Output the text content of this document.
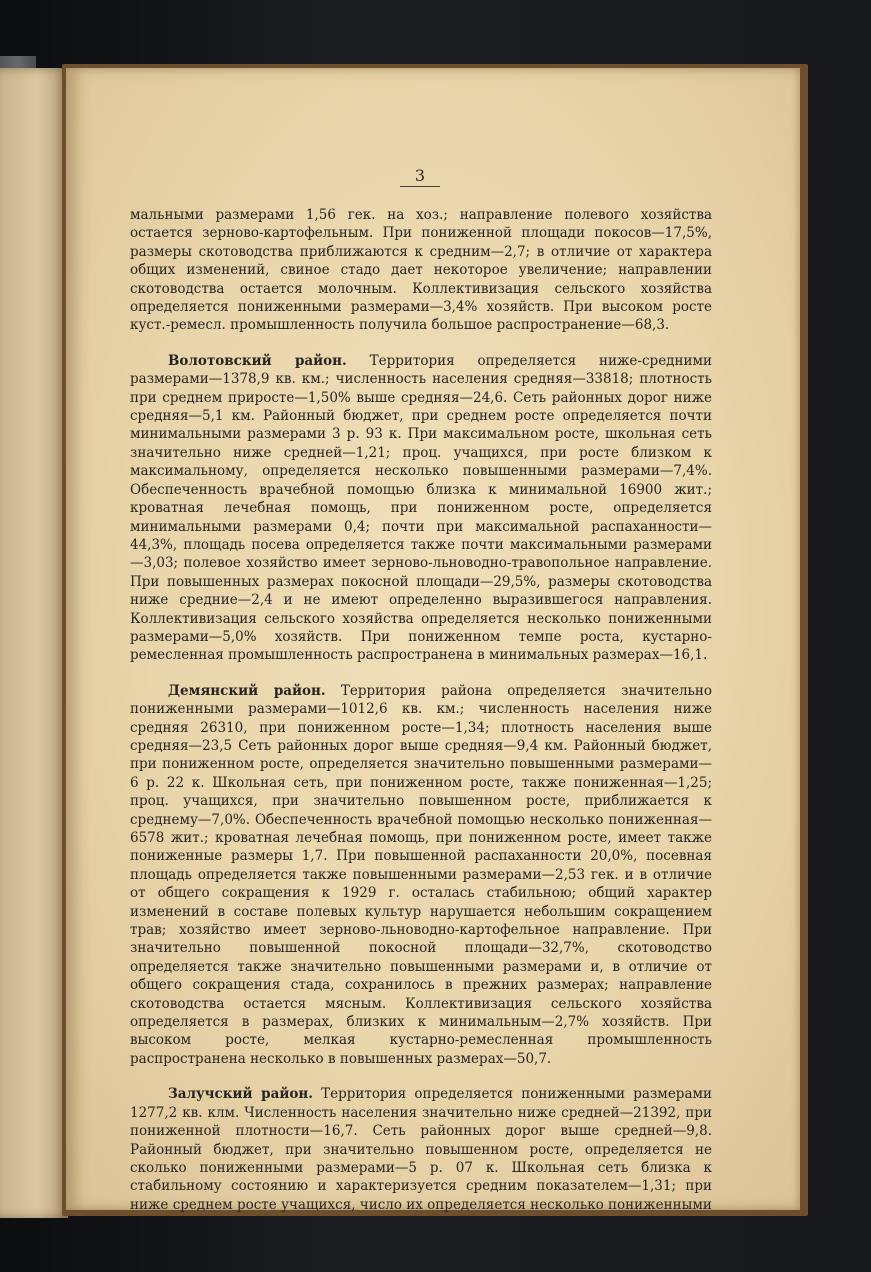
3

мальными размерами 1,56 гек. на хоз.; направление полевого хозяйства остается зерново-картофельным. При пониженной площади покосов—17,5%, размеры скотоводства приближаются к средним—2,7; в отличие от характера общих изменений, свиное стадо дает некоторое увеличение; направлении скотоводства остается молочным. Коллективизация сельского хозяйства определяется пониженными размерами—3,4% хозяйств. При высоком росте куст.-ремесл. промышленность получила большое распространение—68,3.

Волотовский район. Территория определяется ниже-средними размерами—1378,9 кв. км.; численность населения средняя—33818; плотность при среднем приросте—1,50% выше средняя—24,6. Сеть районных дорог ниже средняя—5,1 км. Районный бюджет, при среднем росте определяется почти минимальными размерами 3 р. 93 к. При максимальном росте, школьная сеть значительно ниже средней—1,21; проц. учащихся, при росте близком к максимальному, определяется несколько повышенными размерами—7,4%. Обеспеченность врачебной помощью близка к минимальной 16900 жит.; кроватная лечебная помощь, при пониженном росте, определяется минимальными размерами 0,4; почти при максимальной распаханности—44,3%, площадь посева определяется также почти максимальными размерами—3,03; полевое хозяйство имеет зерново-льноводно-травопольное направление. При повышенных размерах покосной площади—29,5%, размеры скотоводства ниже средние—2,4 и не имеют определенно выразившегося направления. Коллективизация сельского хозяйства определяется несколько пониженными размерами—5,0% хозяйств. При пониженном темпе роста, кустарно-ремесленная промышленность распространена в минимальных размерах—16,1.

Демянский район. Территория района определяется значительно пониженными размерами—1012,6 кв. км.; численность населения ниже средняя 26310, при пониженном росте—1,34; плотность населения выше средняя—23,5 Сеть районных дорог выше средняя—9,4 км. Районный бюджет, при пониженном росте, определяется значительно повышенными размерами—6 р. 22 к. Школьная сеть, при пониженном росте, также пониженная—1,25; проц. учащихся, при значительно повышенном росте, приближается к среднему—7,0%. Обеспеченность врачебной помощью несколько пониженная—6578 жит.; кроватная лечебная помощь, при пониженном росте, имеет также пониженные размеры 1,7. При повышенной распаханности 20,0%, посевная площадь определяется также повышенными размерами—2,53 гек. и в отличие от общего сокращения к 1929 г. осталась стабильною; общий характер изменений в составе полевых культур нарушается небольшим сокращением трав; хозяйство имеет зерново-льноводно-картофельное направление. При значительно повышенной покосной площади—32,7%, скотоводство определяется также значительно повышенными размерами и, в отличие от общего сокращения стада, сохранилось в прежних размерах; направление скотоводства остается мясным. Коллективизация сельского хозяйства определяется в размерах, близких к минимальным—2,7% хозяйств. При высоком росте, мелкая кустарно-ремесленная промышленность распространена несколько в повышенных размерах—50,7.

Залучский район. Территория определяется пониженными размерами 1277,2 кв. клм. Численность населения значительно ниже средней—21392, при пониженной плотности—16,7. Сеть районных дорог выше средней—9,8. Районный бюджет, при значительно повышенном росте, определяется не сколько пониженными размерами—5 р. 07 к. Школьная сеть близка к стабильному состоянию и характеризуется средним показателем—1,31; при ниже среднем росте учащихся, число их определяется несколько пониженными
